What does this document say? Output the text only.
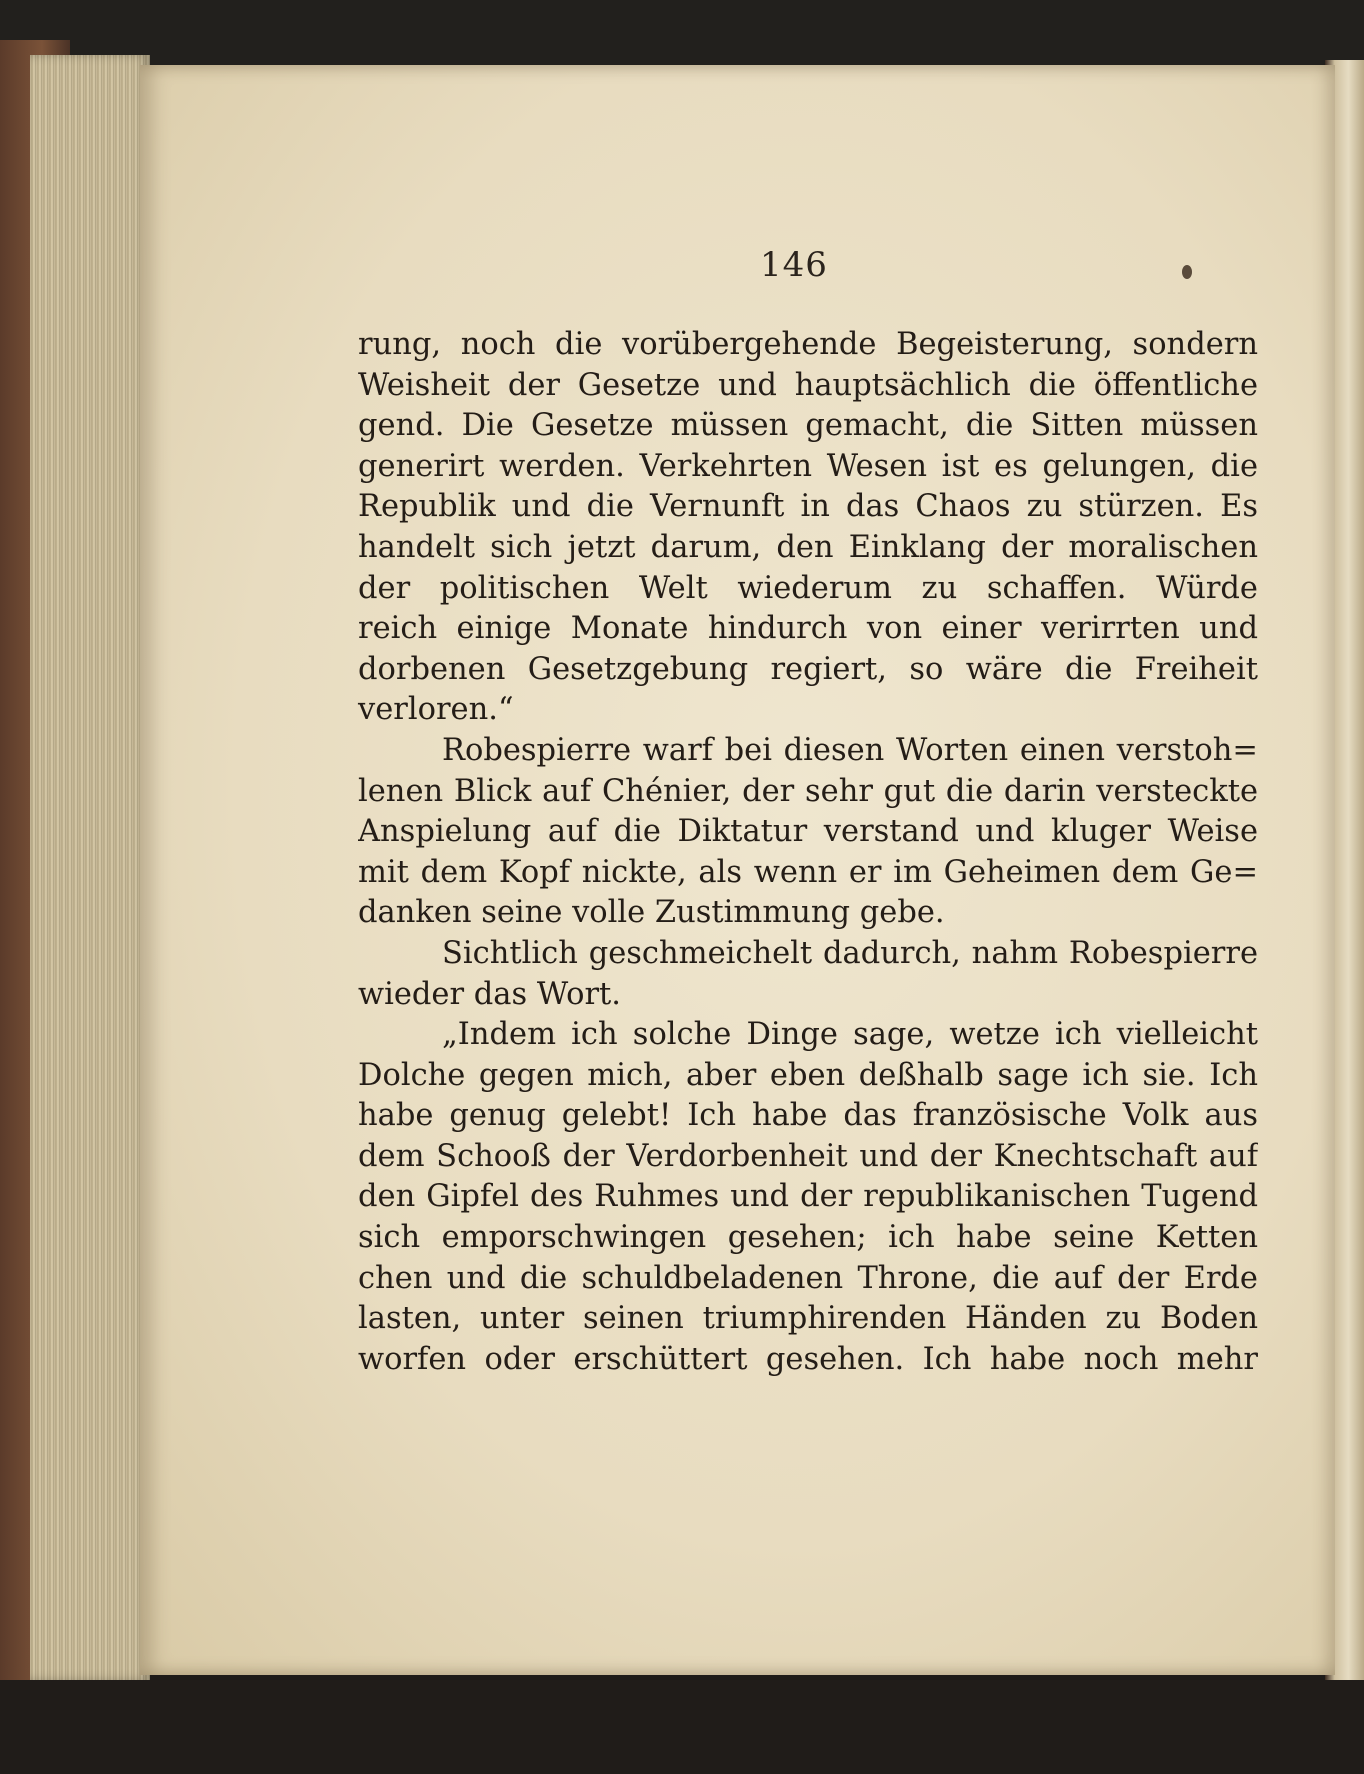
146
rung, noch die vorübergehende Begeisterung, sondern
Weisheit der Gesetze und hauptsächlich die öffentliche
gend. Die Gesetze müssen gemacht, die Sitten müssen
generirt werden. Verkehrten Wesen ist es gelungen, die
Republik und die Vernunft in das Chaos zu stürzen. Es
handelt sich jetzt darum, den Einklang der moralischen
der politischen Welt wiederum zu schaffen. Würde
reich einige Monate hindurch von einer verirrten und
dorbenen Gesetzgebung regiert, so wäre die Freiheit
verloren.“
Robespierre warf bei diesen Worten einen verstoh=
lenen Blick auf Chénier, der sehr gut die darin versteckte
Anspielung auf die Diktatur verstand und kluger Weise
mit dem Kopf nickte, als wenn er im Geheimen dem Ge=
danken seine volle Zustimmung gebe.
Sichtlich geschmeichelt dadurch, nahm Robespierre
wieder das Wort.
„Indem ich solche Dinge sage, wetze ich vielleicht
Dolche gegen mich, aber eben deßhalb sage ich sie. Ich
habe genug gelebt! Ich habe das französische Volk aus
dem Schooß der Verdorbenheit und der Knechtschaft auf
den Gipfel des Ruhmes und der republikanischen Tugend
sich emporschwingen gesehen; ich habe seine Ketten
chen und die schuldbeladenen Throne, die auf der Erde
lasten, unter seinen triumphirenden Händen zu Boden
worfen oder erschüttert gesehen. Ich habe noch mehr
